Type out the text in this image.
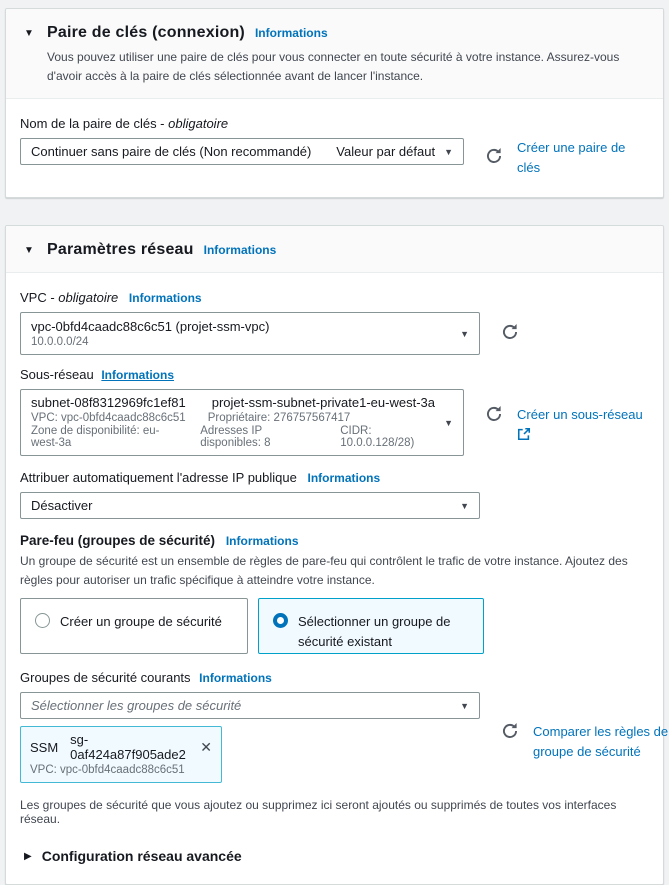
▼ Paire de clés (connexion) Informations

Vous pouvez utiliser une paire de clés pour vous connecter en toute sécurité à votre instance. Assurez-vous d'avoir accès à la paire de clés sélectionnée avant de lancer l'instance.

Nom de la paire de clés - obligatoire
Continuer sans paire de clés (Non recommandé) Valeur par défaut ▼	Créer une paire de clés
▼ Paramètres réseau Informations
VPC - obligatoire Informations
vpc-0bfd4caadc88c6c51 (projet-ssm-vpc)
10.0.0.0/24
▼
Sous-réseau Informations
subnet-08f8312969fc1ef81 projet-ssm-subnet-private1-eu-west-3a
VPC: vpc-0bfd4caadc88c6c51 Propriétaire: 276757567417
Zone de disponibilité: eu-west-3a
Adresses IP disponibles: 8
CIDR: 10.0.0.128/28)
▼
Créer un sous-réseau

Attribuer automatiquement l'adresse IP publique Informations
Désactiver	▼
Pare-feu (groupes de sécurité) Informations

Un groupe de sécurité est un ensemble de règles de pare-feu qui contrôlent le trafic de votre instance. Ajoutez des règles pour autoriser un trafic spécifique à atteindre votre instance.

Créer un groupe de sécurité	Sélectionner un groupe de sécurité existant
Groupes de sécurité courants Informations
Sélectionner les groupes de sécurité	▼
SSM sg-0af424a87f905ade2	✕
VPC: vpc-0bfd4caadc88c6c51
Comparer les règles de groupe de sécurité

Les groupes de sécurité que vous ajoutez ou supprimez ici seront ajoutés ou supprimés de toutes vos interfaces réseau.

▶ Configuration réseau avancée
